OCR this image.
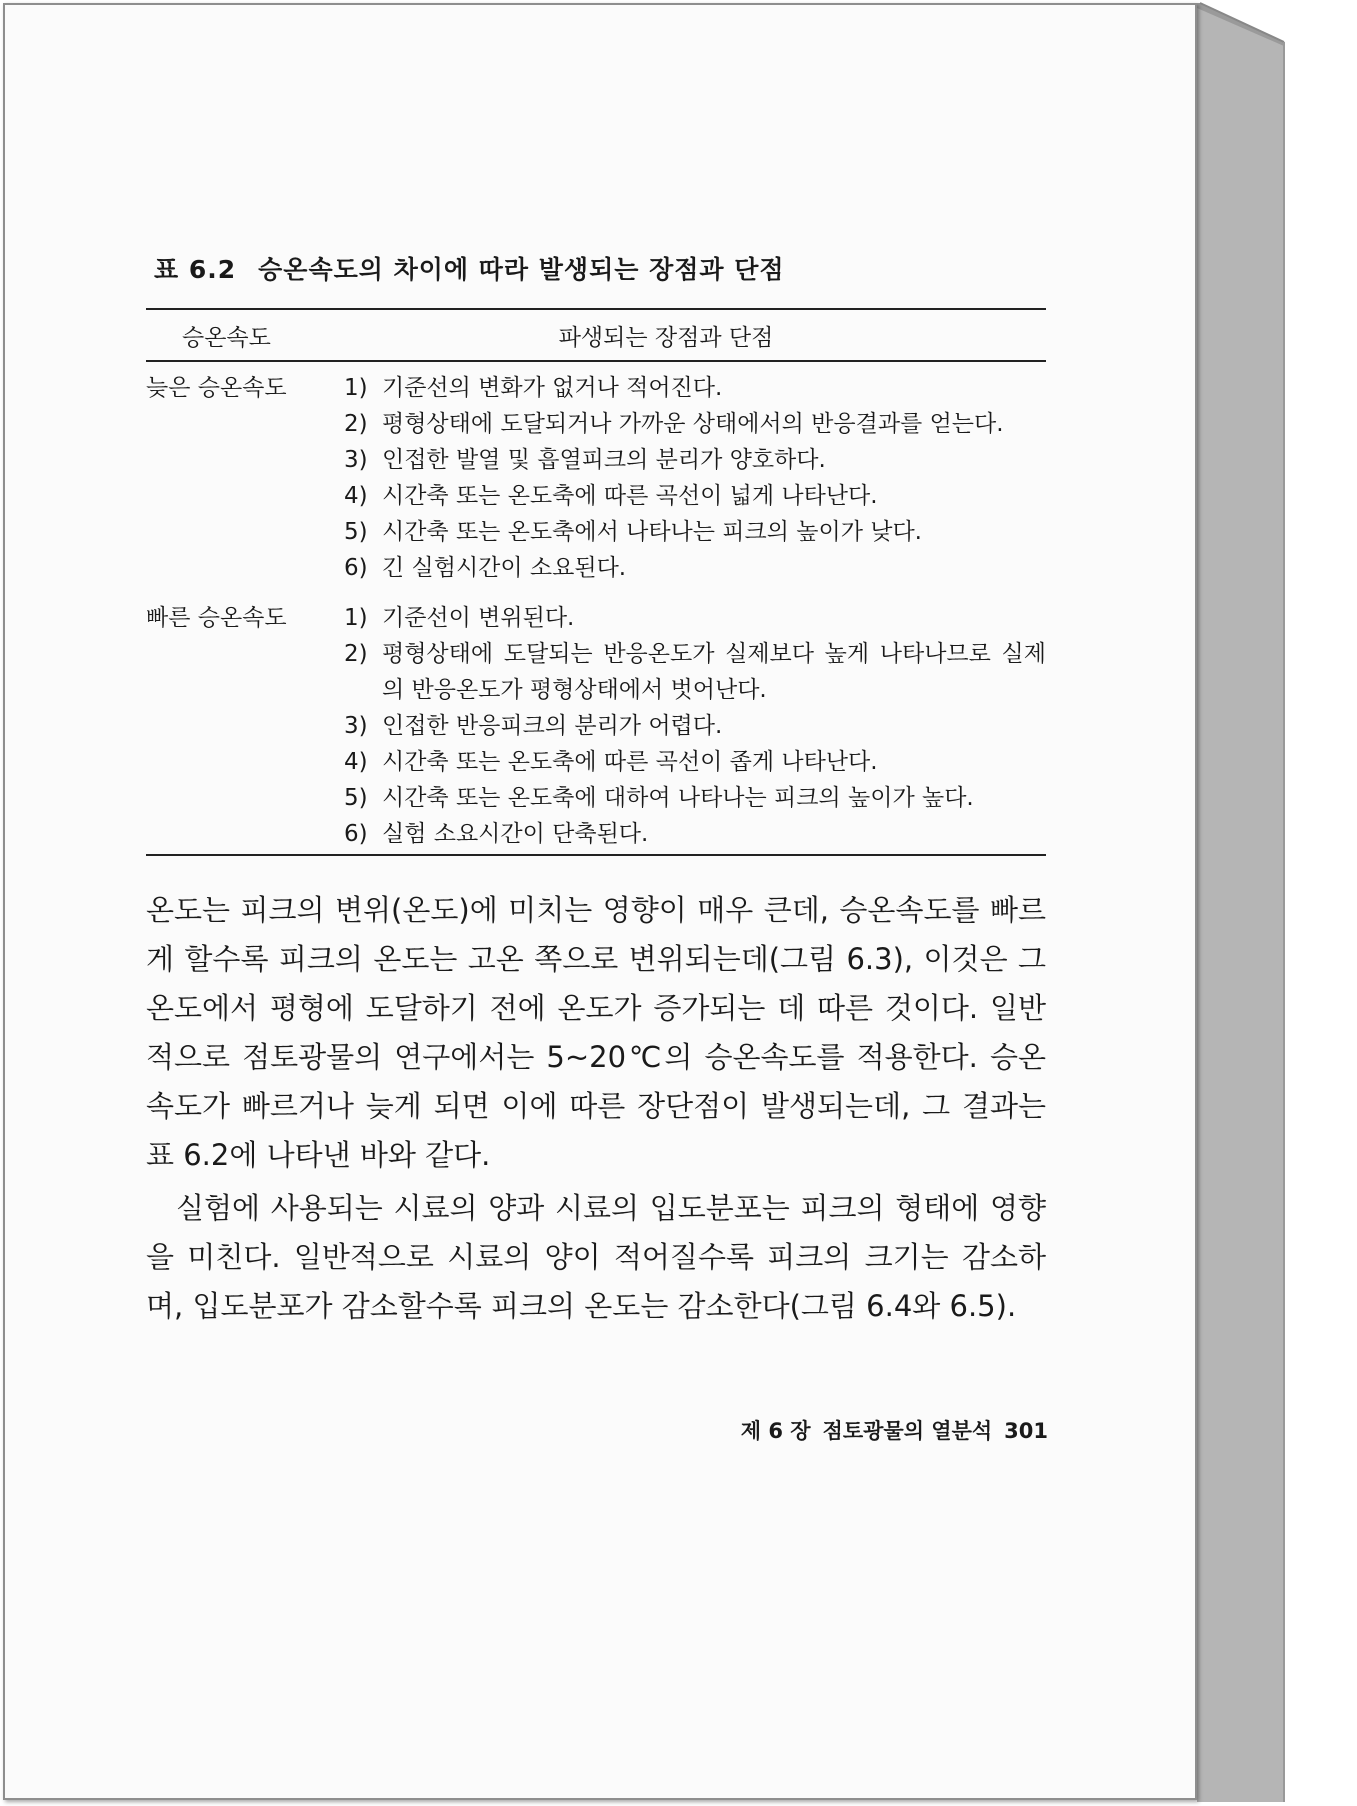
표 6.2 승온속도의 차이에 따라 발생되는 장점과 단점
승온속도	파생되는 장점과 단점
늦은 승온속도	1) 기준선의 변화가 없거나 적어진다.
2) 평형상태에 도달되거나 가까운 상태에서의 반응결과를 얻는다.
3) 인접한 발열 및 흡열피크의 분리가 양호하다.
4) 시간축 또는 온도축에 따른 곡선이 넓게 나타난다.
5) 시간축 또는 온도축에서 나타나는 피크의 높이가 낮다.
6) 긴 실험시간이 소요된다.
빠른 승온속도	1) 기준선이 변위된다.
2) 평형상태에 도달되는 반응온도가 실제보다 높게 나타나므로 실제의 반응온도가 평형상태에서 벗어난다.
3) 인접한 반응피크의 분리가 어렵다.
4) 시간축 또는 온도축에 따른 곡선이 좁게 나타난다.
5) 시간축 또는 온도축에 대하여 나타나는 피크의 높이가 높다.
6) 실험 소요시간이 단축된다.

온도는 피크의 변위(온도)에 미치는 영향이 매우 큰데, 승온속도를 빠르게 할수록 피크의 온도는 고온 쪽으로 변위되는데(그림 6.3), 이것은 그 온도에서 평형에 도달하기 전에 온도가 증가되는 데 따른 것이다. 일반적으로 점토광물의 연구에서는 5~20℃의 승온속도를 적용한다. 승온속도가 빠르거나 늦게 되면 이에 따른 장단점이 발생되는데, 그 결과는 표 6.2에 나타낸 바와 같다.

실험에 사용되는 시료의 양과 시료의 입도분포는 피크의 형태에 영향을 미친다. 일반적으로 시료의 양이 적어질수록 피크의 크기는 감소하며, 입도분포가 감소할수록 피크의 온도는 감소한다(그림 6.4와 6.5).

제 6 장 점토광물의 열분석 301
